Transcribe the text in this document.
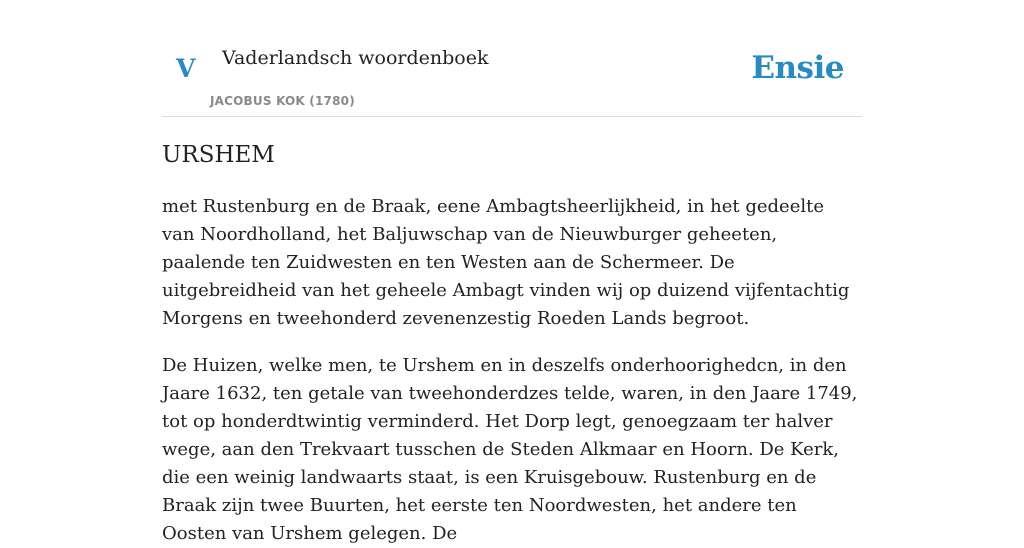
V Vaderlandsch woordenboek
JACOBUS KOK (1780)
Ensie
URSHEM

met Rustenburg en de Braak, eene Ambagtsheerlijkheid, in het gedeelte van Noordholland, het Baljuwschap van de Nieuwburger geheeten, paalende ten Zuidwesten en ten Westen aan de Schermeer. De uitgebreidheid van het geheele Ambagt vinden wij op duizend vijfentachtig Morgens en tweehonderd zevenenzestig Roeden Lands begroot.

De Huizen, welke men, te Urshem en in deszelfs onderhoorighedcn, in den Jaare 1632, ten getale van tweehonderdzes telde, waren, in den Jaare 1749, tot op honderdtwintig verminderd. Het Dorp legt, genoegzaam ter halver wege, aan den Trekvaart tusschen de Steden Alkmaar en Hoorn. De Kerk, die een weinig landwaarts staat, is een Kruisgebouw. Rustenburg en de Braak zijn twee Buurten, het eerste ten Noordwesten, het andere ten Oosten van Urshem gelegen. De
